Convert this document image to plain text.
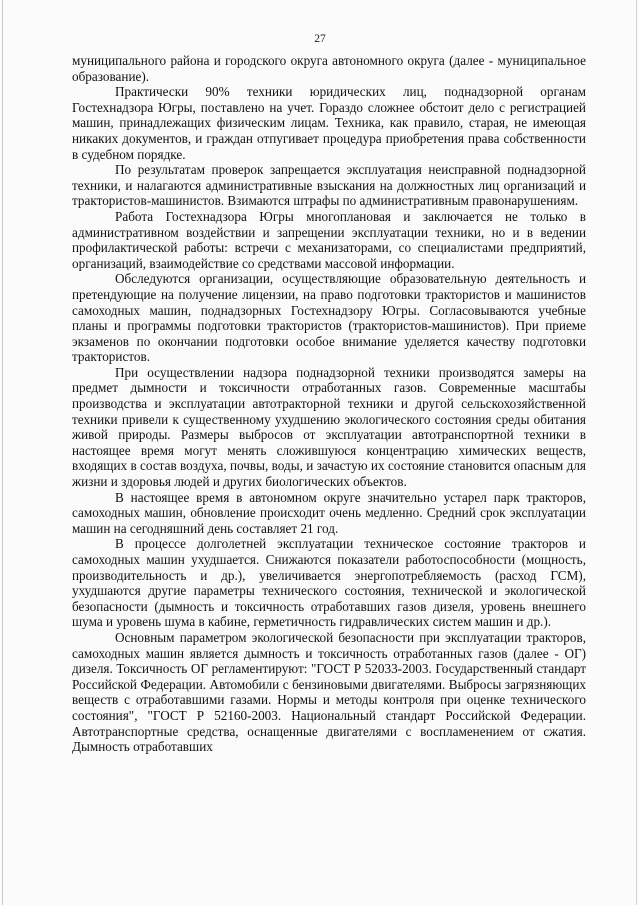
27

муниципального района и городского округа автономного округа (далее - муниципальное образование).

Практически 90% техники юридических лиц, поднадзорной органам Гостехнадзора Югры, поставлено на учет. Гораздо сложнее обстоит дело с регистрацией машин, принадлежащих физическим лицам. Техника, как правило, старая, не имеющая никаких документов, и граждан отпугивает процедура приобретения права собственности в судебном порядке.

По результатам проверок запрещается эксплуатация неисправной поднадзорной техники, и налагаются административные взыскания на должностных лиц организаций и трактористов-машинистов. Взимаются штрафы по административным правонарушениям.

Работа Гостехнадзора Югры многоплановая и заключается не только в административном воздействии и запрещении эксплуатации техники, но и в ведении профилактической работы: встречи с механизаторами, со специалистами предприятий, организаций, взаимодействие со средствами массовой информации.

Обследуются организации, осуществляющие образовательную деятельность и претендующие на получение лицензии, на право подготовки трактористов и машинистов самоходных машин, поднадзорных Гостехнадзору Югры. Согласовываются учебные планы и программы подготовки трактористов (трактористов-машинистов). При приеме экзаменов по окончании подготовки особое внимание уделяется качеству подготовки трактористов.

При осуществлении надзора поднадзорной техники производятся замеры на предмет дымности и токсичности отработанных газов. Современные масштабы производства и эксплуатации автотракторной техники и другой сельскохозяйственной техники привели к существенному ухудшению экологического состояния среды обитания живой природы. Размеры выбросов от эксплуатации автотранспортной техники в настоящее время могут менять сложившуюся концентрацию химических веществ, входящих в состав воздуха, почвы, воды, и зачастую их состояние становится опасным для жизни и здоровья людей и других биологических объектов.

В настоящее время в автономном округе значительно устарел парк тракторов, самоходных машин, обновление происходит очень медленно. Средний срок эксплуатации машин на сегодняшний день составляет 21 год.

В процессе долголетней эксплуатации техническое состояние тракторов и самоходных машин ухудшается. Снижаются показатели работоспособности (мощность, производительность и др.), увеличивается энергопотребляемость (расход ГСМ), ухудшаются другие параметры технического состояния, технической и экологической безопасности (дымность и токсичность отработавших газов дизеля, уровень внешнего шума и уровень шума в кабине, герметичность гидравлических систем машин и др.).

Основным параметром экологической безопасности при эксплуатации тракторов, самоходных машин является дымность и токсичность отработанных газов (далее - ОГ) дизеля. Токсичность ОГ регламентируют: "ГОСТ Р 52033-2003. Государственный стандарт Российской Федерации. Автомобили с бензиновыми двигателями. Выбросы загрязняющих веществ с отработавшими газами. Нормы и методы контроля при оценке технического состояния", "ГОСТ Р 52160-2003. Национальный стандарт Российской Федерации. Автотранспортные средства, оснащенные двигателями с воспламенением от сжатия. Дымность отработавших
